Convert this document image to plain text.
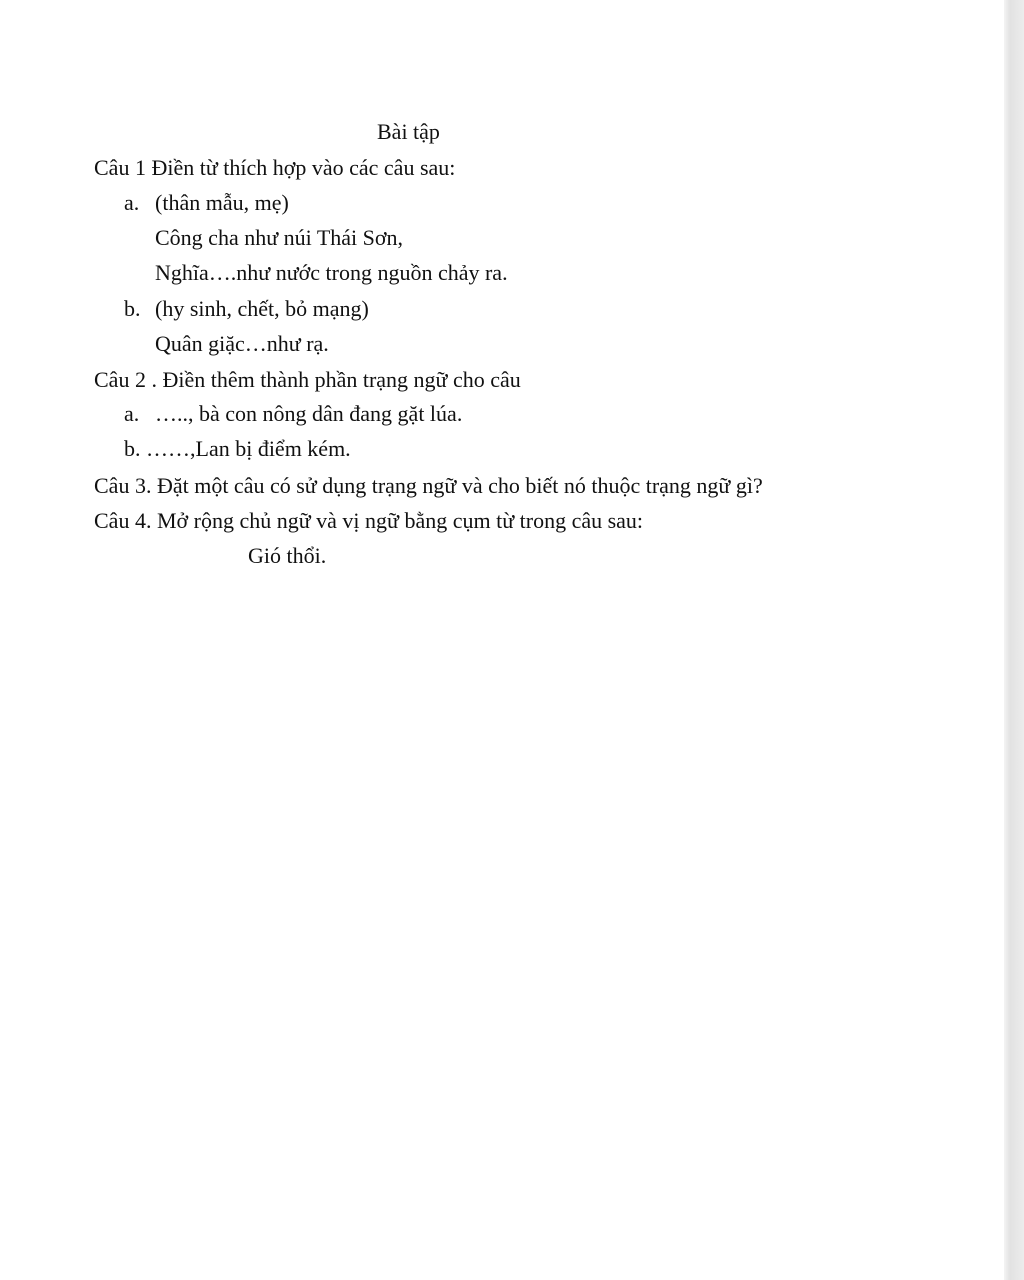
Bài tập
Câu 1 Điền từ thích hợp vào các câu sau:
a. (thân mẫu, mẹ)
Công cha như núi Thái Sơn,
Nghĩa….như nước trong nguồn chảy ra.
b. (hy sinh, chết, bỏ mạng)
Quân giặc…như rạ.
Câu 2 . Điền thêm thành phần trạng ngữ cho câu
a. ….., bà con nông dân đang gặt lúa.
b. ……,Lan bị điểm kém.
Câu 3. Đặt một câu có sử dụng trạng ngữ và cho biết nó thuộc trạng ngữ gì?
Câu 4. Mở rộng chủ ngữ và vị ngữ bằng cụm từ trong câu sau:
Gió thổi.
